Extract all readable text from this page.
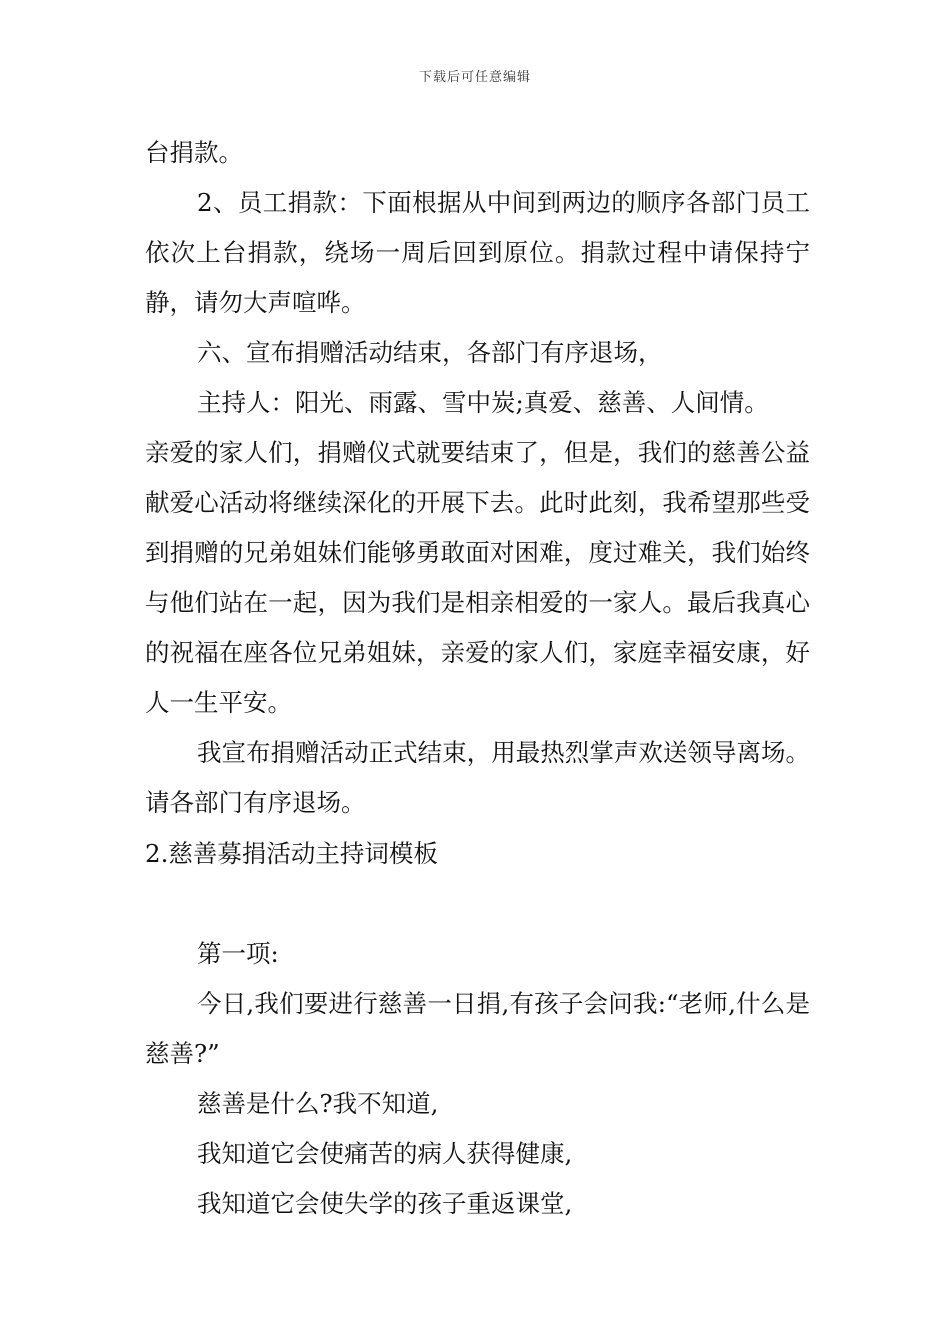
下载后可任意编辑

台捐款。

2、员工捐款：下面根据从中间到两边的顺序各部门员工依次上台捐款，绕场一周后回到原位。捐款过程中请保持宁静，请勿大声喧哗。

六、宣布捐赠活动结束，各部门有序退场，

主持人：阳光、雨露、雪中炭;真爱、慈善、人间情。

亲爱的家人们，捐赠仪式就要结束了，但是，我们的慈善公益献爱心活动将继续深化的开展下去。此时此刻，我希望那些受到捐赠的兄弟姐妹们能够勇敢面对困难，度过难关，我们始终与他们站在一起，因为我们是相亲相爱的一家人。最后我真心的祝福在座各位兄弟姐妹，亲爱的家人们，家庭幸福安康，好人一生平安。

我宣布捐赠活动正式结束，用最热烈掌声欢送领导离场。请各部门有序退场。

2.慈善募捐活动主持词模板

第一项:

今日,我们要进行慈善一日捐,有孩子会问我:“老师,什么是慈善?”

慈善是什么?我不知道,

我知道它会使痛苦的病人获得健康,

我知道它会使失学的孩子重返课堂,
